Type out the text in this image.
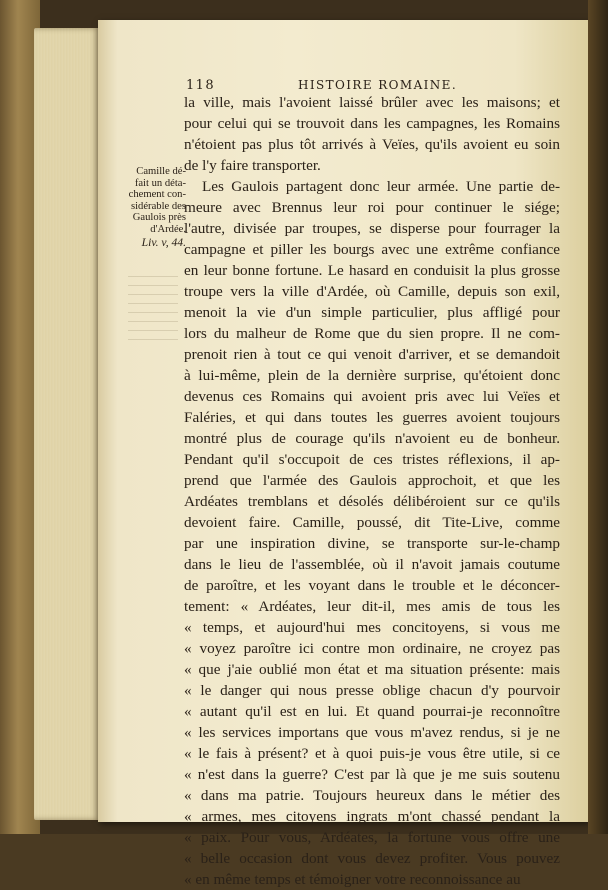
118	HISTOIRE ROMAINE.
Camille dé-
fait un déta-
chement con-
sidérable des
Gaulois près
d'Ardée.
Liv. v, 44.
la ville, mais l'avoient laissé brûler avec les maisons; et
pour celui qui se trouvoit dans les campagnes, les Romains
n'étoient pas plus tôt arrivés à Veïes, qu'ils avoient eu soin
de l'y faire transporter.
Les Gaulois partagent donc leur armée. Une partie de-
meure avec Brennus leur roi pour continuer le siége;
l'autre, divisée par troupes, se disperse pour fourrager la
campagne et piller les bourgs avec une extrême confiance
en leur bonne fortune. Le hasard en conduisit la plus grosse
troupe vers la ville d'Ardée, où Camille, depuis son exil,
menoit la vie d'un simple particulier, plus affligé pour
lors du malheur de Rome que du sien propre. Il ne com-
prenoit rien à tout ce qui venoit d'arriver, et se demandoit
à lui-même, plein de la dernière surprise, qu'étoient donc
devenus ces Romains qui avoient pris avec lui Veïes et
Faléries, et qui dans toutes les guerres avoient toujours
montré plus de courage qu'ils n'avoient eu de bonheur.
Pendant qu'il s'occupoit de ces tristes réflexions, il ap-
prend que l'armée des Gaulois approchoit, et que les
Ardéates tremblans et désolés délibéroient sur ce qu'ils
devoient faire. Camille, poussé, dit Tite-Live, comme
par une inspiration divine, se transporte sur-le-champ
dans le lieu de l'assemblée, où il n'avoit jamais coutume
de paroître, et les voyant dans le trouble et le déconcer-
tement: « Ardéates, leur dit-il, mes amis de tous les
« temps, et aujourd'hui mes concitoyens, si vous me
« voyez paroître ici contre mon ordinaire, ne croyez pas
« que j'aie oublié mon état et ma situation présente: mais
« le danger qui nous presse oblige chacun d'y pourvoir
« autant qu'il est en lui. Et quand pourrai-je reconnoître
« les services importans que vous m'avez rendus, si je ne
« le fais à présent? et à quoi puis-je vous être utile, si ce
« n'est dans la guerre? C'est par là que je me suis soutenu
« dans ma patrie. Toujours heureux dans le métier des
« armes, mes citoyens ingrats m'ont chassé pendant la
« paix. Pour vous, Ardéates, la fortune vous offre une
« belle occasion dont vous devez profiter. Vous pouvez
« en même temps et témoigner votre reconnoissance au
